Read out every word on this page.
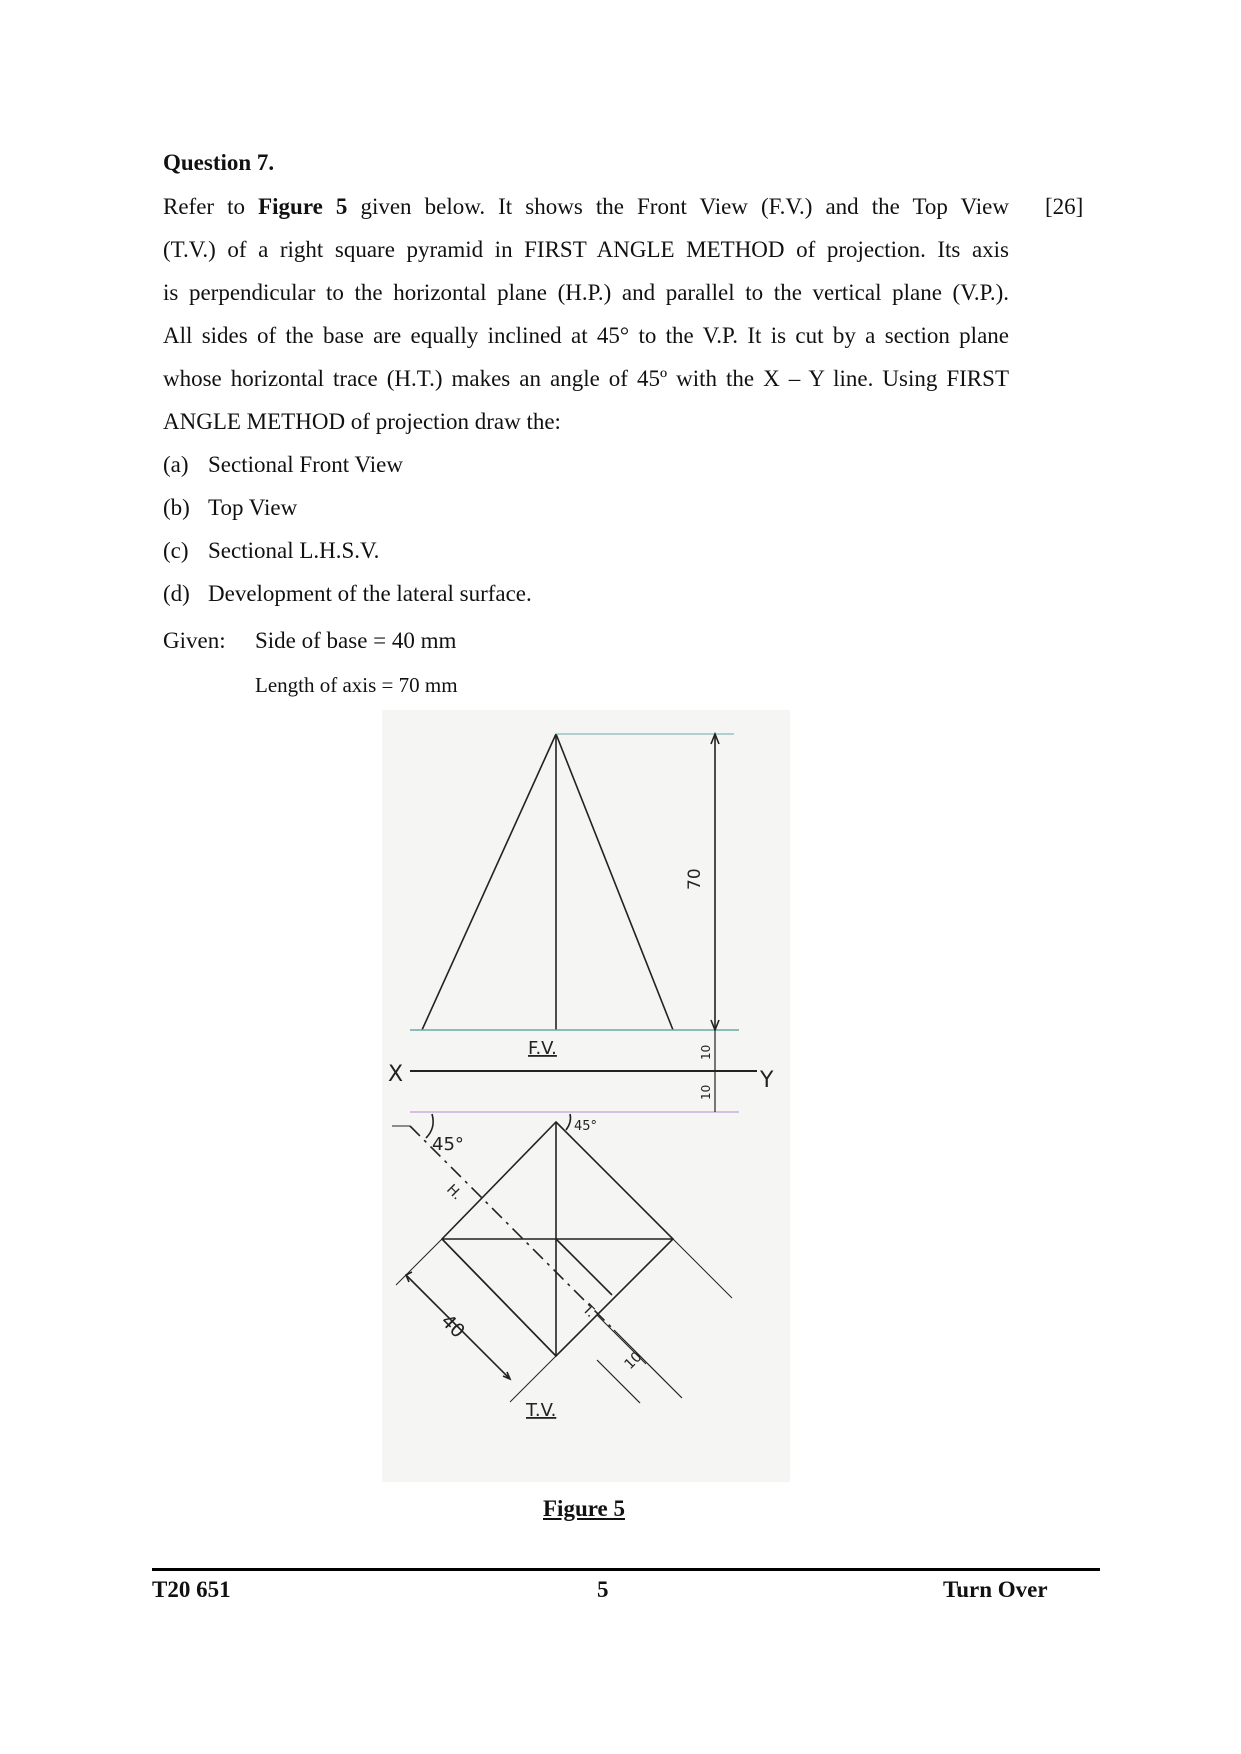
Question 7.
[26]
Refer to Figure 5 given below. It shows the Front View (F.V.) and the Top View
(T.V.) of a right square pyramid in FIRST ANGLE METHOD of projection. Its axis
is perpendicular to the horizontal plane (H.P.) and parallel to the vertical plane (V.P.).
All sides of the base are equally inclined at 45° to the V.P. It is cut by a section plane
whose horizontal trace (H.T.) makes an angle of 45º with the X – Y line. Using FIRST
ANGLE METHOD of projection draw the:
(a) Sectional Front View
(b) Top View
(c) Sectional L.H.S.V.
(d) Development of the lateral surface.
Given: Side of base = 40 mm
Length of axis = 70 mm
70
F.V.
X	Y
10
10
45°
45°
H.
T.
40
10
T.V.
Figure 5
T20 651	5	Turn Over
